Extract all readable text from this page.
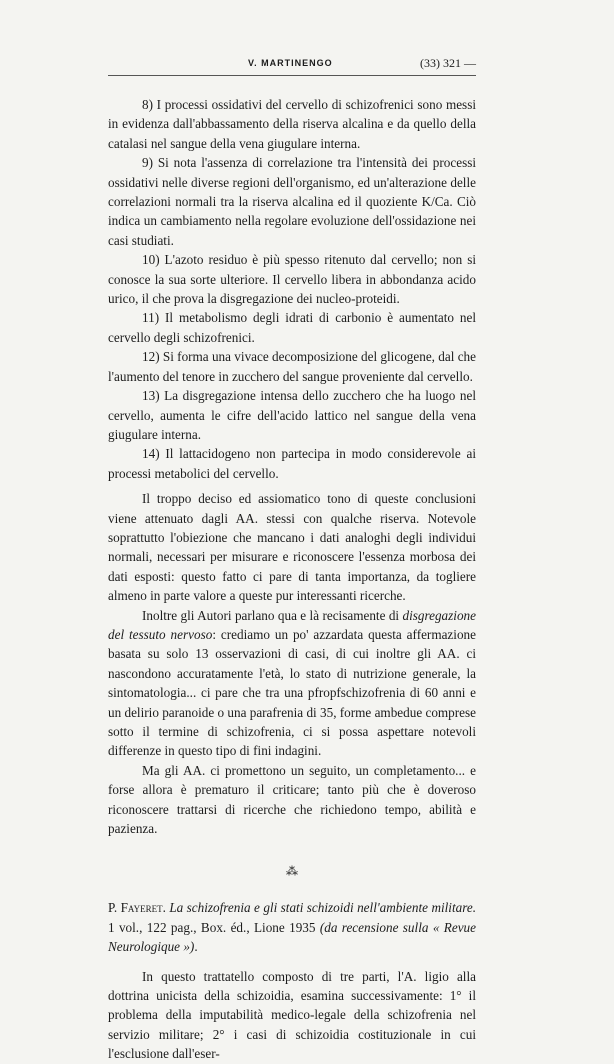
V. MARTINENGO	(33) 321 —

8) I processi ossidativi del cervello di schizofrenici sono messi in evidenza dall'abbassamento della riserva alcalina e da quello della catalasi nel sangue della vena giugulare interna.

9) Si nota l'assenza di correlazione tra l'intensità dei processi ossidativi nelle diverse regioni dell'organismo, ed un'alterazione delle correlazioni normali tra la riserva alcalina ed il quoziente K/Ca. Ciò indica un cambiamento nella regolare evoluzione dell'ossidazione nei casi studiati.

10) L'azoto residuo è più spesso ritenuto dal cervello; non si conosce la sua sorte ulteriore. Il cervello libera in abbondanza acido urico, il che prova la disgregazione dei nucleo-proteidi.

11) Il metabolismo degli idrati di carbonio è aumentato nel cervello degli schizofrenici.

12) Si forma una vivace decomposizione del glicogene, dal che l'aumento del tenore in zucchero del sangue proveniente dal cervello.

13) La disgregazione intensa dello zucchero che ha luogo nel cervello, aumenta le cifre dell'acido lattico nel sangue della vena giugulare interna.

14) Il lattacidogeno non partecipa in modo considerevole ai processi metabolici del cervello.

Il troppo deciso ed assiomatico tono di queste conclusioni viene attenuato dagli AA. stessi con qualche riserva. Notevole soprattutto l'obiezione che mancano i dati analoghi degli individui normali, necessari per misurare e riconoscere l'essenza morbosa dei dati esposti: questo fatto ci pare di tanta importanza, da togliere almeno in parte valore a queste pur interessanti ricerche.

Inoltre gli Autori parlano qua e là recisamente di disgregazione del tessuto nervoso: crediamo un po' azzardata questa affermazione basata su solo 13 osservazioni di casi, di cui inoltre gli AA. ci nascondono accuratamente l'età, lo stato di nutrizione generale, la sintomatologia... ci pare che tra una pfropfschizofrenia di 60 anni e un delirio paranoide o una parafrenia di 35, forme ambedue comprese sotto il termine di schizofrenia, ci si possa aspettare notevoli differenze in questo tipo di fini indagini.

Ma gli AA. ci promettono un seguito, un completamento... e forse allora è prematuro il criticare; tanto più che è doveroso riconoscere trattarsi di ricerche che richiedono tempo, abilità e pazienza.

⁂

P. Fayeret. La schizofrenia e gli stati schizoidi nell'ambiente militare. 1 vol., 122 pag., Box. éd., Lione 1935 (da recensione sulla « Revue Neurologique »).

In questo trattatello composto di tre parti, l'A. ligio alla dottrina unicista della schizoidia, esamina successivamente: 1° il problema della imputabilità medico-legale della schizofrenia nel servizio militare; 2° i casi di schizoidia costituzionale in cui l'esclusione dall'eser-
